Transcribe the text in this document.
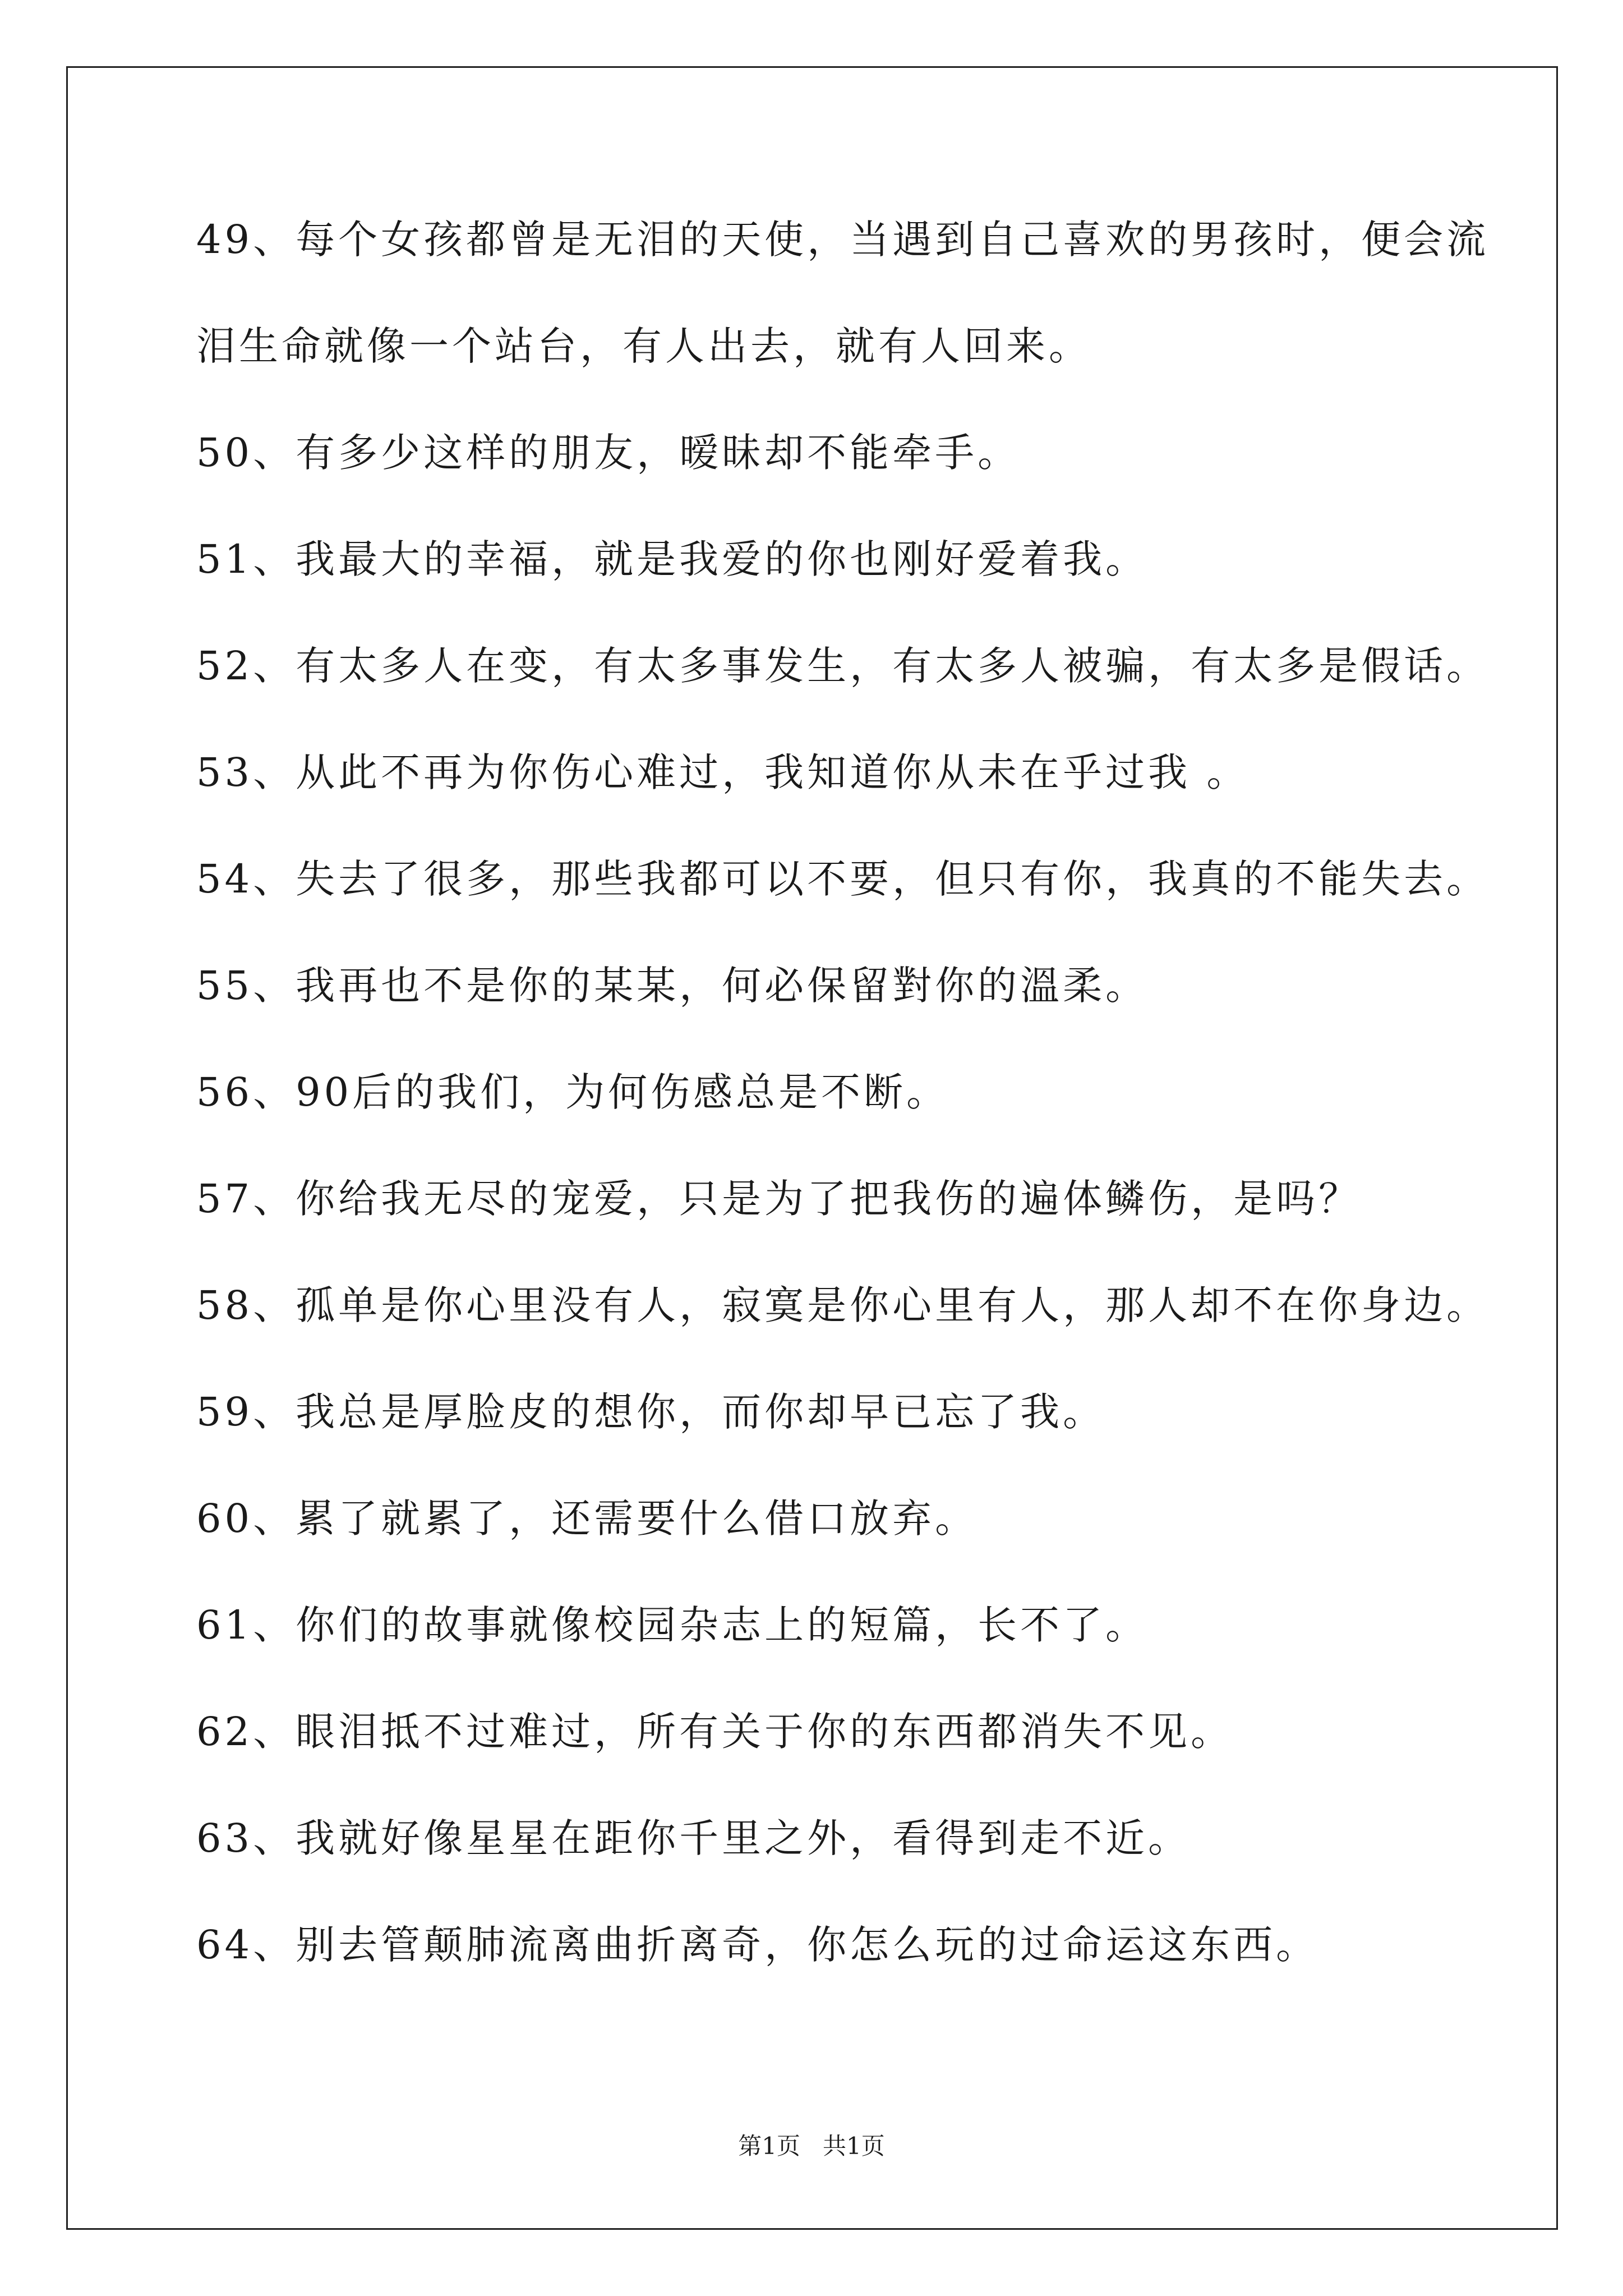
49、每个女孩都曾是无泪的天使，当遇到自己喜欢的男孩时，便会流
泪生命就像一个站台，有人出去，就有人回来。
50、有多少这样的朋友，暧昧却不能牵手。
51、我最大的幸福，就是我爱的你也刚好爱着我。
52、有太多人在变，有太多事发生，有太多人被骗，有太多是假话。
53、从此不再为你伤心难过，我知道你从未在乎过我 。
54、失去了很多，那些我都可以不要，但只有你，我真的不能失去。
55、我再也不是你的某某，何必保留對你的溫柔。
56、90后的我们，为何伤感总是不断。
57、你给我无尽的宠爱，只是为了把我伤的遍体鳞伤，是吗？
58、孤单是你心里没有人，寂寞是你心里有人，那人却不在你身边。
59、我总是厚脸皮的想你，而你却早已忘了我。
60、累了就累了，还需要什么借口放弃。
61、你们的故事就像校园杂志上的短篇，长不了。
62、眼泪抵不过难过，所有关于你的东西都消失不见。
63、我就好像星星在距你千里之外，看得到走不近。
64、别去管颠肺流离曲折离奇，你怎么玩的过命运这东西。
第1页   共1页
